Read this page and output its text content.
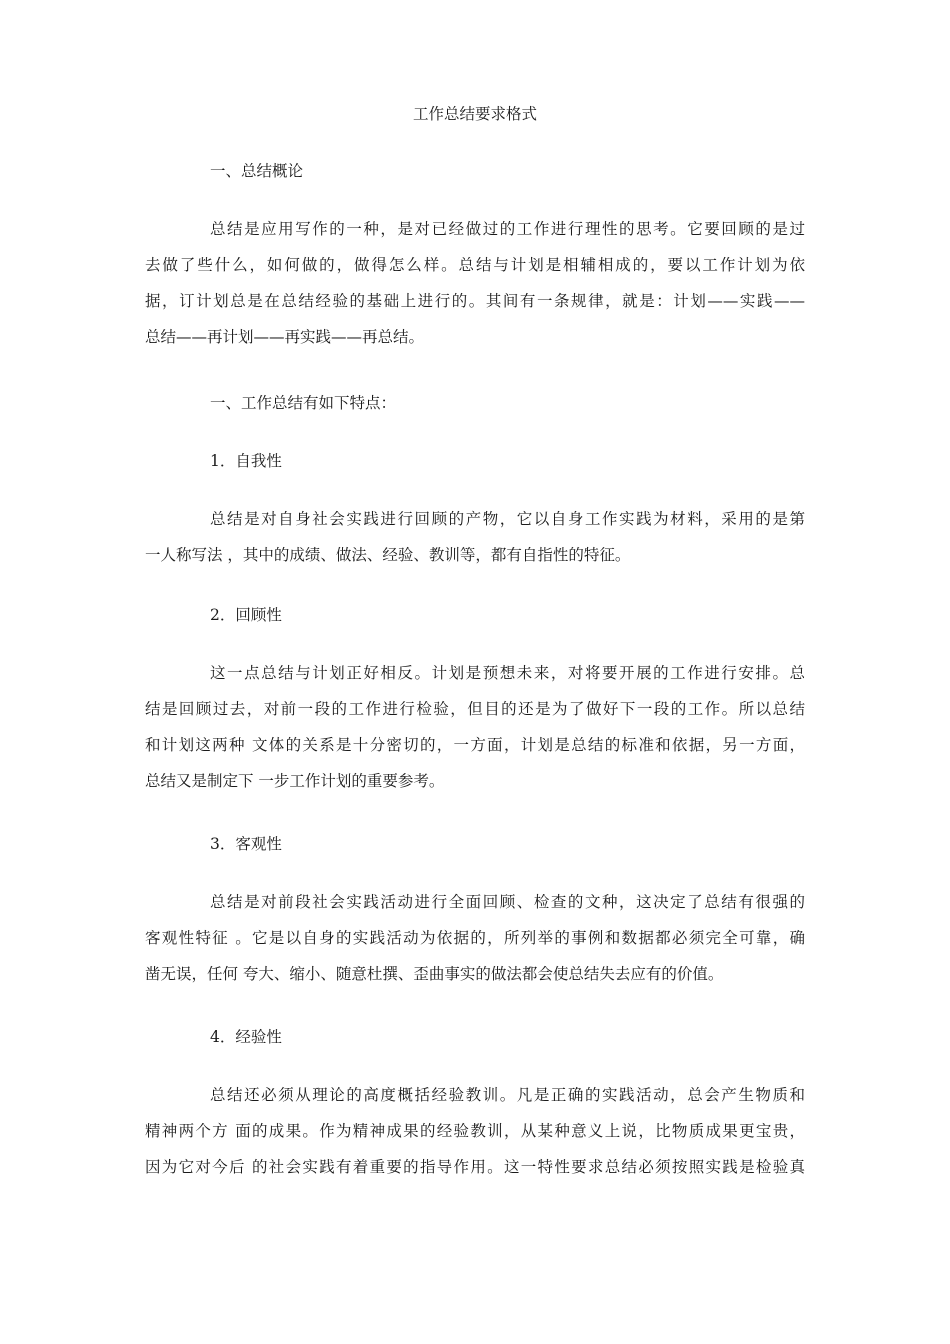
工作总结要求格式
一、总结概论
总结是应用写作的一种，是对已经做过的工作进行理性的思考。它要回顾的是过
去做了些什么，如何做的，做得怎么样。总结与计划是相辅相成的，要以工作计划为依
据，订计划总是在总结经验的基础上进行的。其间有一条规律，就是：计划——实践——
总结——再计划——再实践——再总结。
一、工作总结有如下特点：
1．自我性
总结是对自身社会实践进行回顾的产物，它以自身工作实践为材料，采用的是第
一人称写法 ，其中的成绩、做法、经验、教训等，都有自指性的特征。
2．回顾性
这一点总结与计划正好相反。计划是预想未来，对将要开展的工作进行安排。总
结是回顾过去，对前一段的工作进行检验，但目的还是为了做好下一段的工作。所以总结
和计划这两种 文体的关系是十分密切的，一方面，计划是总结的标准和依据，另一方面，
总结又是制定下 一步工作计划的重要参考。
3．客观性
总结是对前段社会实践活动进行全面回顾、检查的文种，这决定了总结有很强的
客观性特征 。它是以自身的实践活动为依据的，所列举的事例和数据都必须完全可靠，确
凿无误，任何 夸大、缩小、随意杜撰、歪曲事实的做法都会使总结失去应有的价值。
4．经验性
总结还必须从理论的高度概括经验教训。凡是正确的实践活动，总会产生物质和
精神两个方 面的成果。作为精神成果的经验教训，从某种意义上说，比物质成果更宝贵，
因为它对今后 的社会实践有着重要的指导作用。这一特性要求总结必须按照实践是检验真
